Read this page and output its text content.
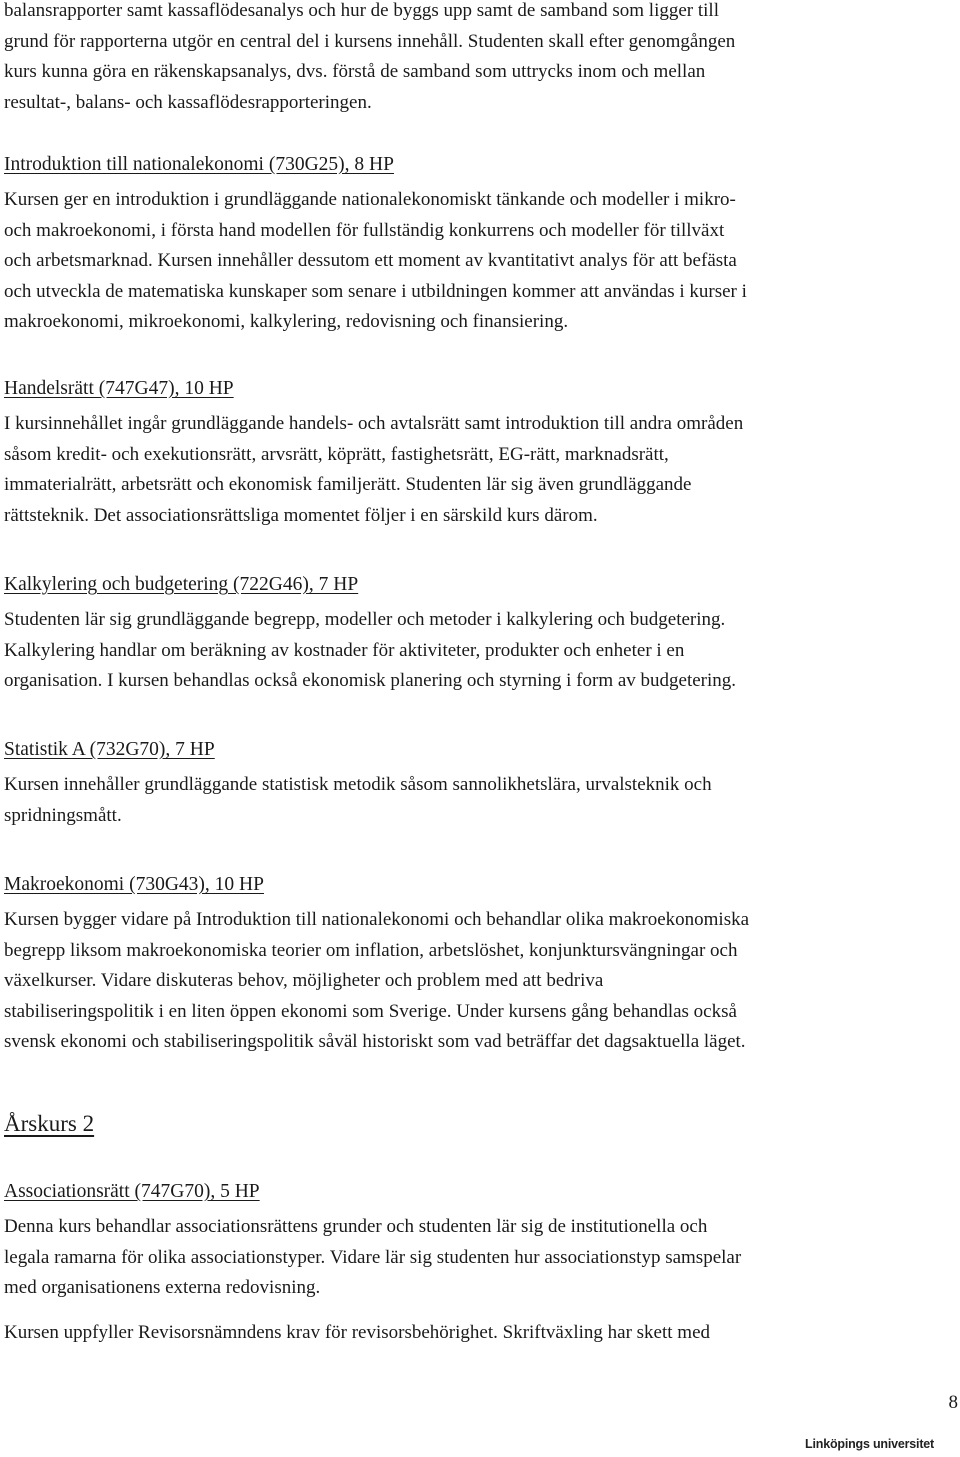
balansrapporter samt kassaflödesanalys och hur de byggs upp samt de samband som ligger till

grund för rapporterna utgör en central del i kursens innehåll. Studenten skall efter genomgången

kurs kunna göra en räkenskapsanalys, dvs. förstå de samband som uttrycks inom och mellan

resultat-, balans- och kassaflödesrapporteringen.

Introduktion till nationalekonomi (730G25), 8 HP

Kursen ger en introduktion i grundläggande nationalekonomiskt tänkande och modeller i mikro-

och makroekonomi, i första hand modellen för fullständig konkurrens och modeller för tillväxt

och arbetsmarknad. Kursen innehåller dessutom ett moment av kvantitativt analys för att befästa

och utveckla de matematiska kunskaper som senare i utbildningen kommer att användas i kurser i

makroekonomi, mikroekonomi, kalkylering, redovisning och finansiering.

Handelsrätt (747G47), 10 HP

I kursinnehållet ingår grundläggande handels- och avtalsrätt samt introduktion till andra områden

såsom kredit- och exekutionsrätt, arvsrätt, köprätt, fastighetsrätt, EG-rätt, marknadsrätt,

immaterialrätt, arbetsrätt och ekonomisk familjerätt. Studenten lär sig även grundläggande

rättsteknik. Det associationsrättsliga momentet följer i en särskild kurs därom.

Kalkylering och budgetering (722G46), 7 HP

Studenten lär sig grundläggande begrepp, modeller och metoder i kalkylering och budgetering.

Kalkylering handlar om beräkning av kostnader för aktiviteter, produkter och enheter i en

organisation. I kursen behandlas också ekonomisk planering och styrning i form av budgetering.

Statistik A (732G70), 7 HP

Kursen innehåller grundläggande statistisk metodik såsom sannolikhetslära, urvalsteknik och

spridningsmått.

Makroekonomi (730G43), 10 HP

Kursen bygger vidare på Introduktion till nationalekonomi och behandlar olika makroekonomiska

begrepp liksom makroekonomiska teorier om inflation, arbetslöshet, konjunktursvängningar och

växelkurser. Vidare diskuteras behov, möjligheter och problem med att bedriva

stabiliseringspolitik i en liten öppen ekonomi som Sverige. Under kursens gång behandlas också

svensk ekonomi och stabiliseringspolitik såväl historiskt som vad beträffar det dagsaktuella läget.

Årskurs 2
Associationsrätt (747G70), 5 HP

Denna kurs behandlar associationsrättens grunder och studenten lär sig de institutionella och

legala ramarna för olika associationstyper. Vidare lär sig studenten hur associationstyp samspelar

med organisationens externa redovisning.

Kursen uppfyller Revisorsnämndens krav för revisorsbehörighet. Skriftväxling har skett med

8
Linköpings universitet
